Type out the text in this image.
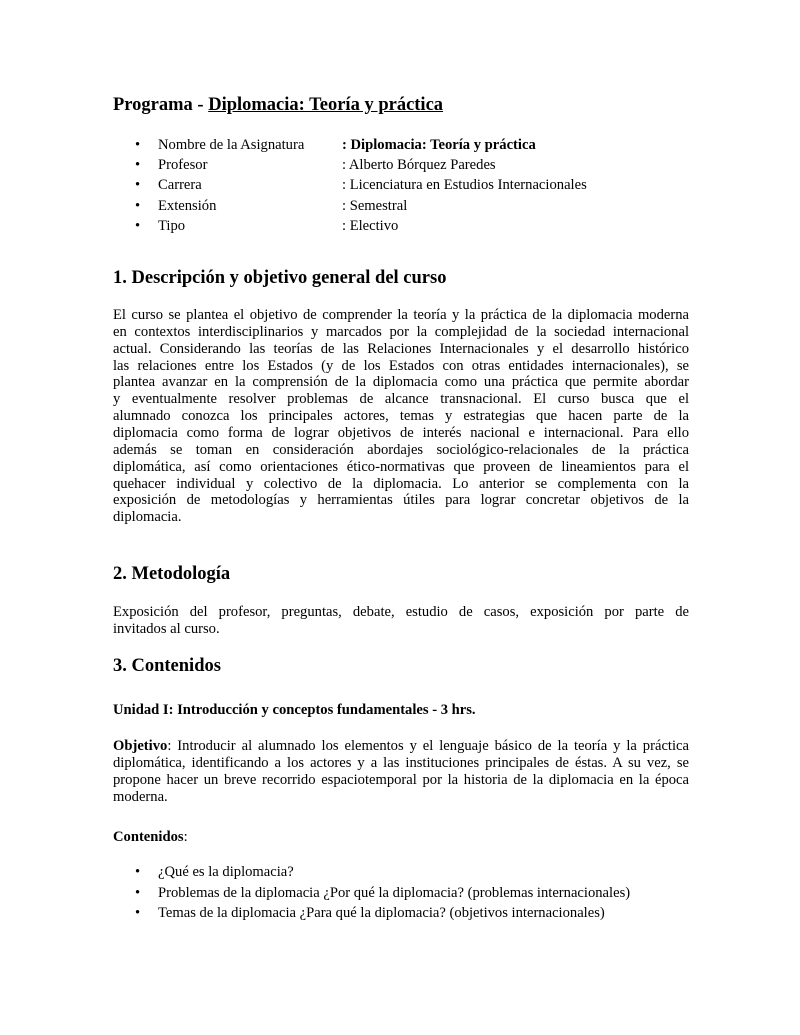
Programa - Diplomacia: Teoría y práctica
• Nombre de la Asignatura	: Diplomacia: Teoría y práctica
• Profesor	: Alberto Bórquez Paredes
• Carrera	: Licenciatura en Estudios Internacionales
• Extensión	: Semestral
• Tipo	: Electivo
1. Descripción y objetivo general del curso
El curso se plantea el objetivo de comprender la teoría y la práctica de la diplomacia moderna
en contextos interdisciplinarios y marcados por la complejidad de la sociedad internacional
actual. Considerando las teorías de las Relaciones Internacionales y el desarrollo histórico
las relaciones entre los Estados (y de los Estados con otras entidades internacionales), se
plantea avanzar en la comprensión de la diplomacia como una práctica que permite abordar
y eventualmente resolver problemas de alcance transnacional. El curso busca que el
alumnado conozca los principales actores, temas y estrategias que hacen parte de la
diplomacia como forma de lograr objetivos de interés nacional e internacional. Para ello
además se toman en consideración abordajes sociológico-relacionales de la práctica
diplomática, así como orientaciones ético-normativas que proveen de lineamientos para el
quehacer individual y colectivo de la diplomacia. Lo anterior se complementa con la
exposición de metodologías y herramientas útiles para lograr concretar objetivos de la
diplomacia.
2. Metodología
Exposición del profesor, preguntas, debate, estudio de casos, exposición por parte de
invitados al curso.
3. Contenidos
Unidad I: Introducción y conceptos fundamentales - 3 hrs.
Objetivo: Introducir al alumnado los elementos y el lenguaje básico de la teoría y la práctica
diplomática, identificando a los actores y a las instituciones principales de éstas. A su vez, se
propone hacer un breve recorrido espaciotemporal por la historia de la diplomacia en la época
moderna.
Contenidos:
• ¿Qué es la diplomacia?
• Problemas de la diplomacia ¿Por qué la diplomacia? (problemas internacionales)
• Temas de la diplomacia ¿Para qué la diplomacia? (objetivos internacionales)
